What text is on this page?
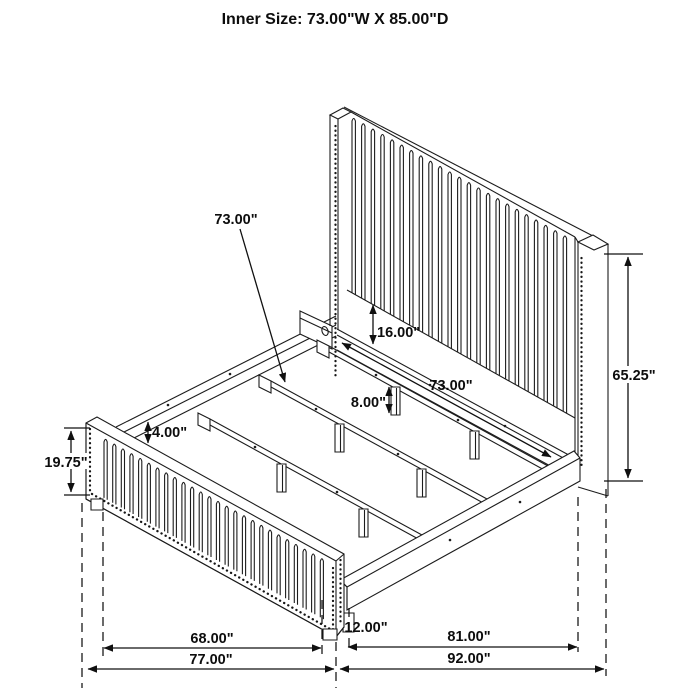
Inner Size: 73.00"W X 85.00"D
73.00"
16.00"
73.00"
8.00"
65.25"
4.00"
19.75"
68.00"
77.00"
12.00"
81.00"
92.00"
